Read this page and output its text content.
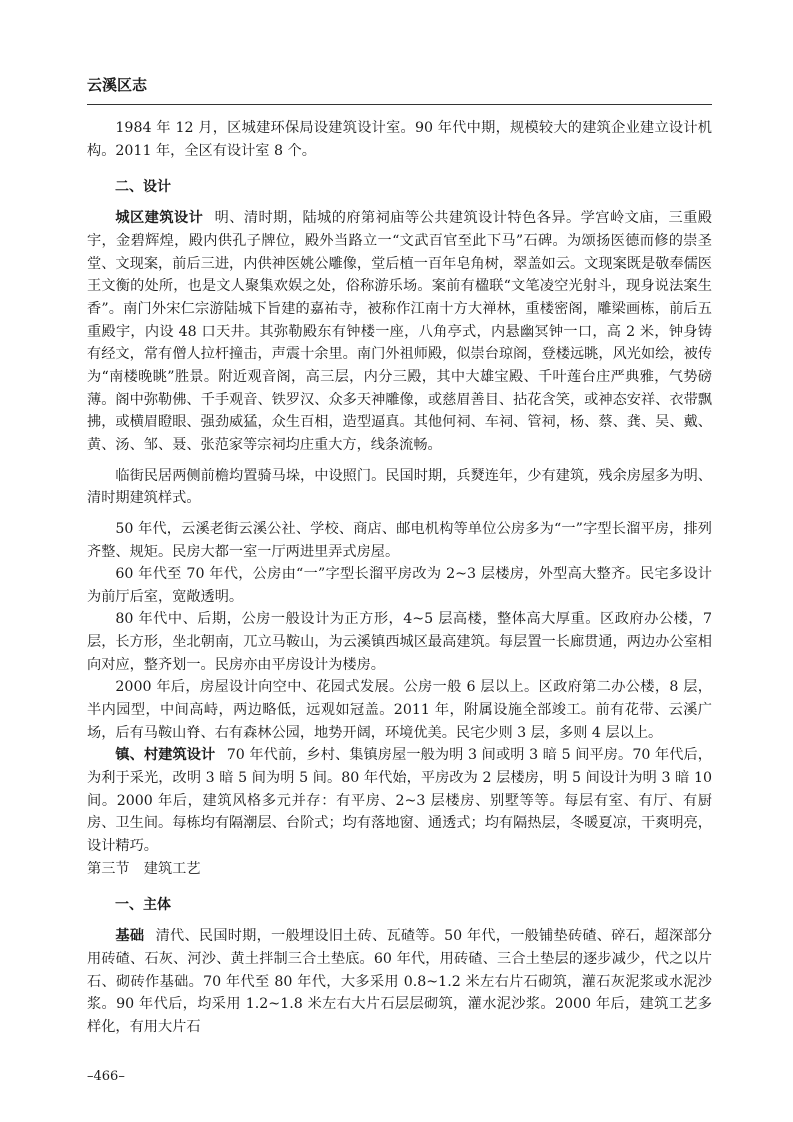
云溪区志

1984 年 12 月，区城建环保局设建筑设计室。90 年代中期，规模较大的建筑企业建立设计机构。2011 年，全区有设计室 8 个。

二、设计

城区建筑设计 明、清时期，陆城的府第祠庙等公共建筑设计特色各异。学宫岭文庙，三重殿宇，金碧辉煌，殿内供孔子牌位，殿外当路立一“文武百官至此下马”石碑。为颂扬医德而修的崇圣堂、文现案，前后三进，内供神医姚公雕像，堂后植一百年皂角树，翠盖如云。文现案既是敬奉儒医王文衡的处所，也是文人聚集欢娱之处，俗称游乐场。案前有楹联“文笔凌空光射斗，现身说法案生香”。南门外宋仁宗游陆城下旨建的嘉祐寺，被称作江南十方大禅林，重楼密阁，雕梁画栋，前后五重殿宇，内设 48 口天井。其弥勒殿东有钟楼一座，八角亭式，内悬幽冥钟一口，高 2 米，钟身铸有经文，常有僧人拉杆撞击，声震十余里。南门外祖师殿，似崇台琼阁，登楼远眺，风光如绘，被传为“南楼晚眺”胜景。附近观音阁，高三层，内分三殿，其中大雄宝殿、千叶莲台庄严典雅，气势磅薄。阁中弥勒佛、千手观音、铁罗汉、众多天神雕像，或慈眉善目、拈花含笑，或神态安祥、衣带飘拂，或横眉瞪眼、强劲威猛，众生百相，造型逼真。其他何祠、车祠、管祠，杨、蔡、龚、吴、戴、黄、汤、邹、聂、张范家等宗祠均庄重大方，线条流畅。

临街民居两侧前檐均置骑马垛，中设照门。民国时期，兵燹连年，少有建筑，残余房屋多为明、清时期建筑样式。

50 年代，云溪老街云溪公社、学校、商店、邮电机构等单位公房多为“一”字型长溜平房，排列齐整、规矩。民房大都一室一厅两进里弄式房屋。

60 年代至 70 年代，公房由“一”字型长溜平房改为 2~3 层楼房，外型高大整齐。民宅多设计为前厅后室，宽敞透明。

80 年代中、后期，公房一般设计为正方形，4~5 层高楼，整体高大厚重。区政府办公楼，7 层，长方形，坐北朝南，兀立马鞍山，为云溪镇西城区最高建筑。每层置一长廊贯通，两边办公室相向对应，整齐划一。民房亦由平房设计为楼房。

2000 年后，房屋设计向空中、花园式发展。公房一般 6 层以上。区政府第二办公楼，8 层，半内园型，中间高峙，两边略低，远观如冠盖。2011 年，附属设施全部竣工。前有花带、云溪广场，后有马鞍山脊、右有森林公园，地势开阔，环境优美。民宅少则 3 层，多则 4 层以上。

镇、村建筑设计 70 年代前，乡村、集镇房屋一般为明 3 间或明 3 暗 5 间平房。70 年代后，为利于采光，改明 3 暗 5 间为明 5 间。80 年代始，平房改为 2 层楼房，明 5 间设计为明 3 暗 10 间。2000 年后，建筑风格多元并存：有平房、2~3 层楼房、别墅等等。每层有室、有厅、有厨房、卫生间。每栋均有隔潮层、台阶式；均有落地窗、通透式；均有隔热层，冬暖夏凉，干爽明亮，设计精巧。

第三节　建筑工艺
一、主体

基础 清代、民国时期，一般埋设旧土砖、瓦碴等。50 年代，一般铺垫砖碴、碎石，超深部分用砖碴、石灰、河沙、黄土拌制三合土垫底。60 年代，用砖碴、三合土垫层的逐步减少，代之以片石、砌砖作基础。70 年代至 80 年代，大多采用 0.8~1.2 米左右片石砌筑，灌石灰泥浆或水泥沙浆。90 年代后，均采用 1.2~1.8 米左右大片石层层砌筑，灌水泥沙浆。2000 年后，建筑工艺多样化，有用大片石

–466–
